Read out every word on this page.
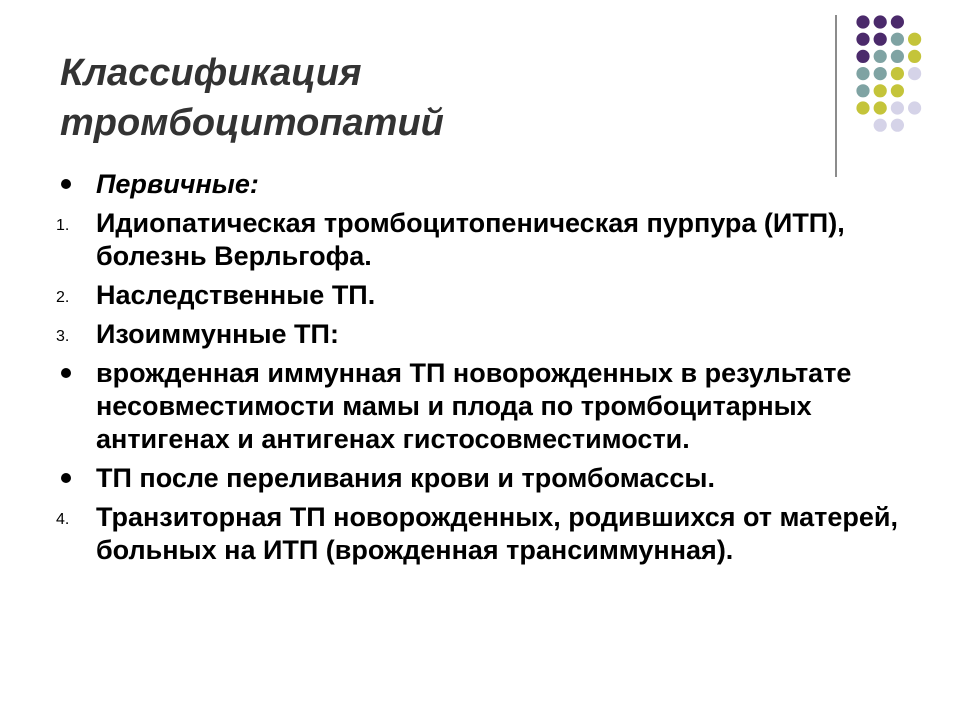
Классификация
тромбоцитопатий
Первичные:
1. Идиопатическая тромбоцитопеническая пурпура (ИТП), болезнь Верльгофа.
2. Наследственные ТП.
3. Изоиммунные ТП:
врожденная иммунная ТП новорожденных в результате несовместимости мамы и плода по тромбоцитарных антигенах и антигенах гистосовместимости.
ТП после переливания крови и тромбомассы.
4. Транзиторная ТП новорожденных, родившихся от матерей, больных на ИТП (врожденная трансиммунная).
